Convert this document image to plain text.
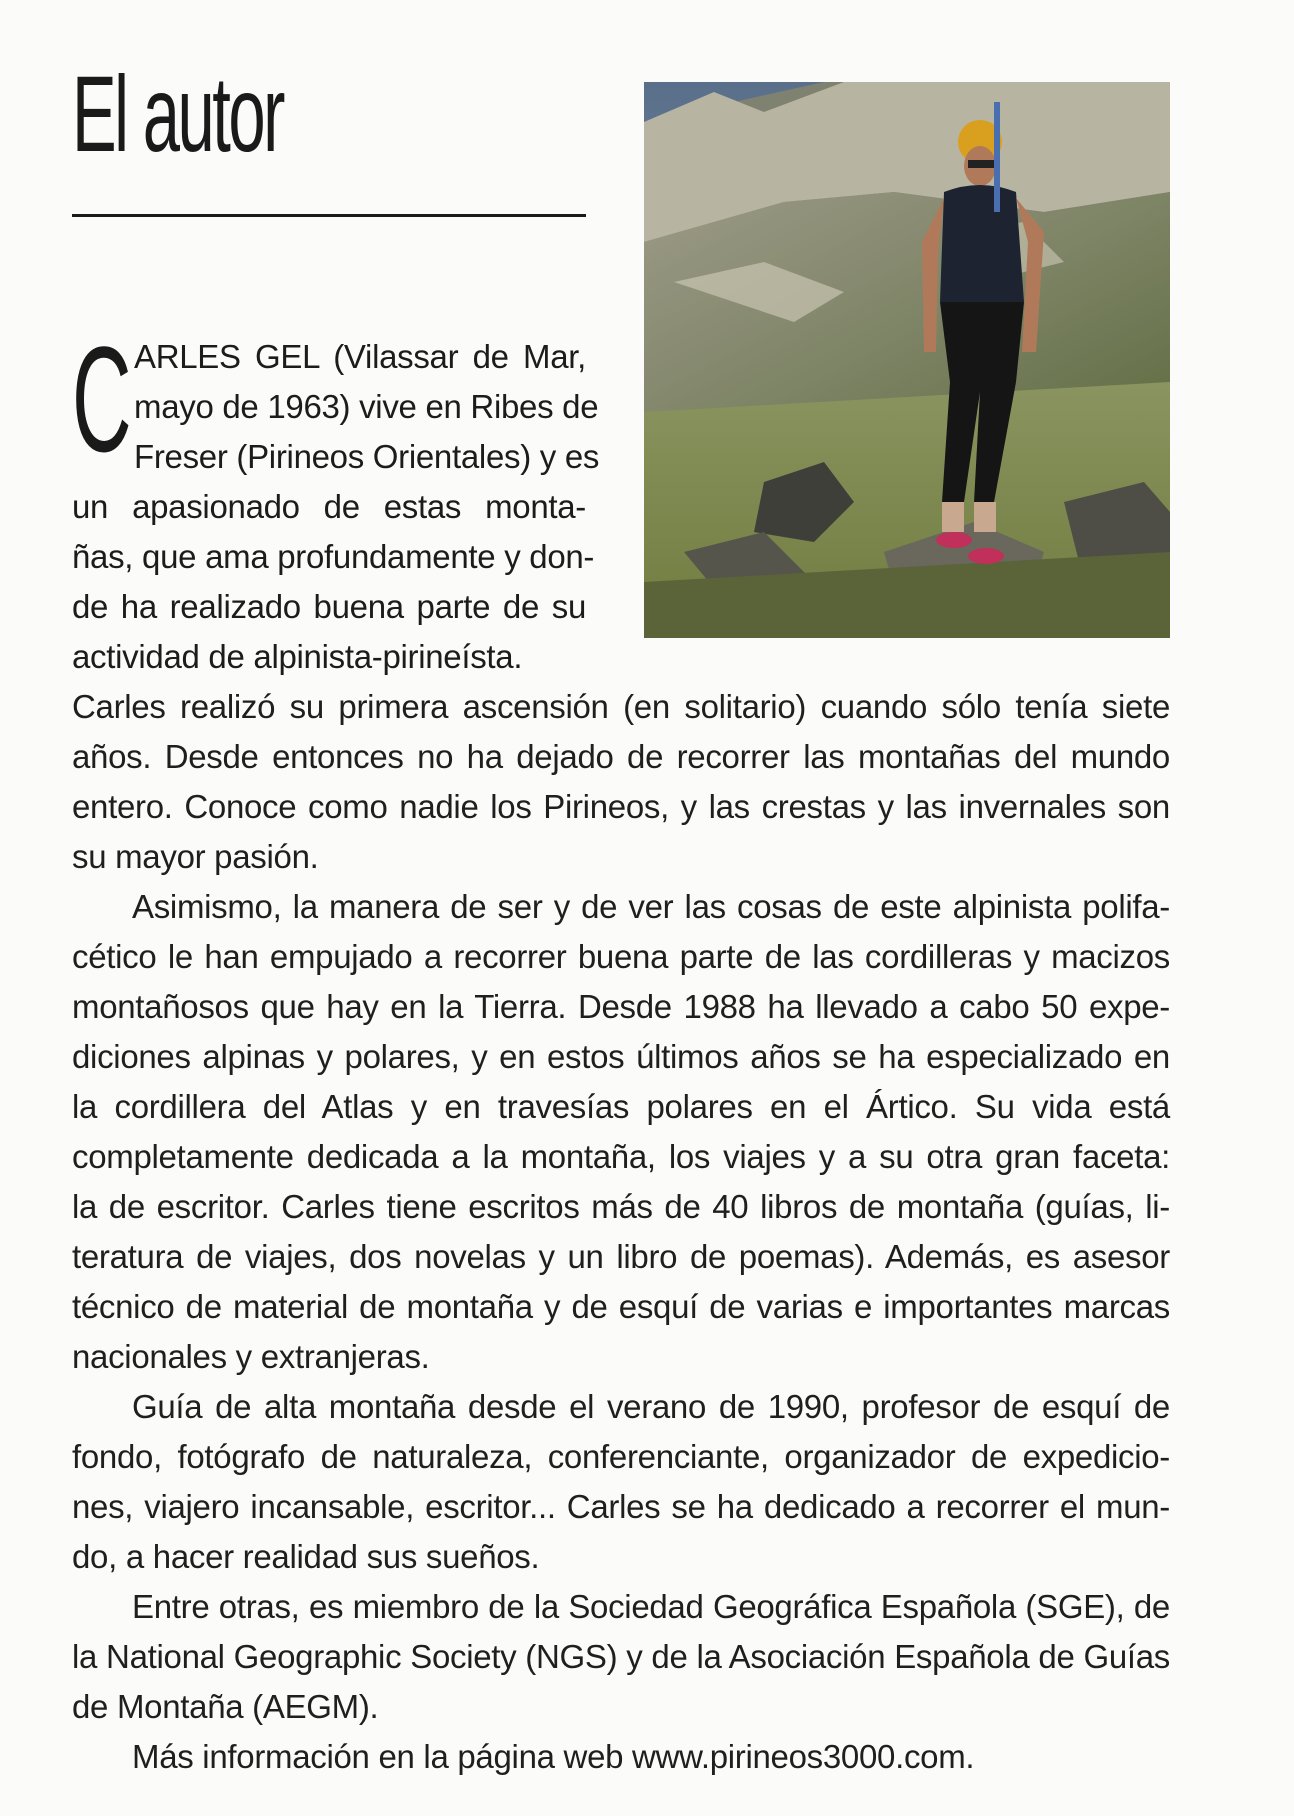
El autor
C ARLES GEL (Vilassar de Mar,
mayo de 1963) vive en Ribes de
Freser (Pirineos Orientales) y es
un apasionado de estas monta-
ñas, que ama profundamente y don-
de ha realizado buena parte de su
actividad de alpinista-pirineísta.
Carles realizó su primera ascensión (en solitario) cuando sólo tenía siete
años. Desde entonces no ha dejado de recorrer las montañas del mundo
entero. Conoce como nadie los Pirineos, y las crestas y las invernales son
su mayor pasión.
Asimismo, la manera de ser y de ver las cosas de este alpinista polifa-
cético le han empujado a recorrer buena parte de las cordilleras y macizos
montañosos que hay en la Tierra. Desde 1988 ha llevado a cabo 50 expe-
diciones alpinas y polares, y en estos últimos años se ha especializado en
la cordillera del Atlas y en travesías polares en el Ártico. Su vida está
completamente dedicada a la montaña, los viajes y a su otra gran faceta:
la de escritor. Carles tiene escritos más de 40 libros de montaña (guías, li-
teratura de viajes, dos novelas y un libro de poemas). Además, es asesor
técnico de material de montaña y de esquí de varias e importantes marcas
nacionales y extranjeras.
Guía de alta montaña desde el verano de 1990, profesor de esquí de
fondo, fotógrafo de naturaleza, conferenciante, organizador de expedicio-
nes, viajero incansable, escritor... Carles se ha dedicado a recorrer el mun-
do, a hacer realidad sus sueños.
Entre otras, es miembro de la Sociedad Geográfica Española (SGE), de
la National Geographic Society (NGS) y de la Asociación Española de Guías
de Montaña (AEGM).
Más información en la página web www.pirineos3000.com.
